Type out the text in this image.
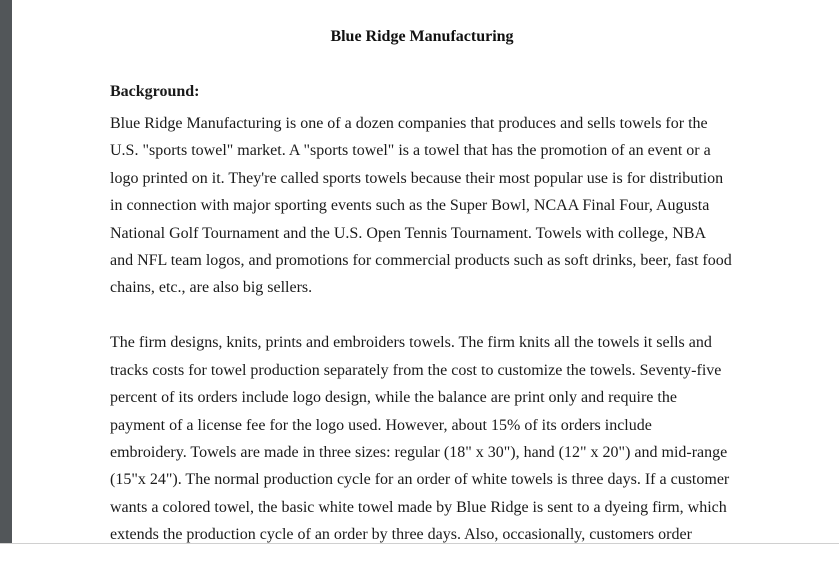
Blue Ridge Manufacturing
Background:
Blue Ridge Manufacturing is one of a dozen companies that produces and sells towels for the
U.S. "sports towel" market. A "sports towel" is a towel that has the promotion of an event or a
logo printed on it. They're called sports towels because their most popular use is for distribution
in connection with major sporting events such as the Super Bowl, NCAA Final Four, Augusta
National Golf Tournament and the U.S. Open Tennis Tournament. Towels with college, NBA
and NFL team logos, and promotions for commercial products such as soft drinks, beer, fast food
chains, etc., are also big sellers.
The firm designs, knits, prints and embroiders towels. The firm knits all the towels it sells and
tracks costs for towel production separately from the cost to customize the towels. Seventy-five
percent of its orders include logo design, while the balance are print only and require the
payment of a license fee for the logo used. However, about 15% of its orders include
embroidery. Towels are made in three sizes: regular (18" x 30"), hand (12" x 20") and mid-range
(15"x 24"). The normal production cycle for an order of white towels is three days. If a customer
wants a colored towel, the basic white towel made by Blue Ridge is sent to a dyeing firm, which
extends the production cycle of an order by three days. Also, occasionally, customers order
